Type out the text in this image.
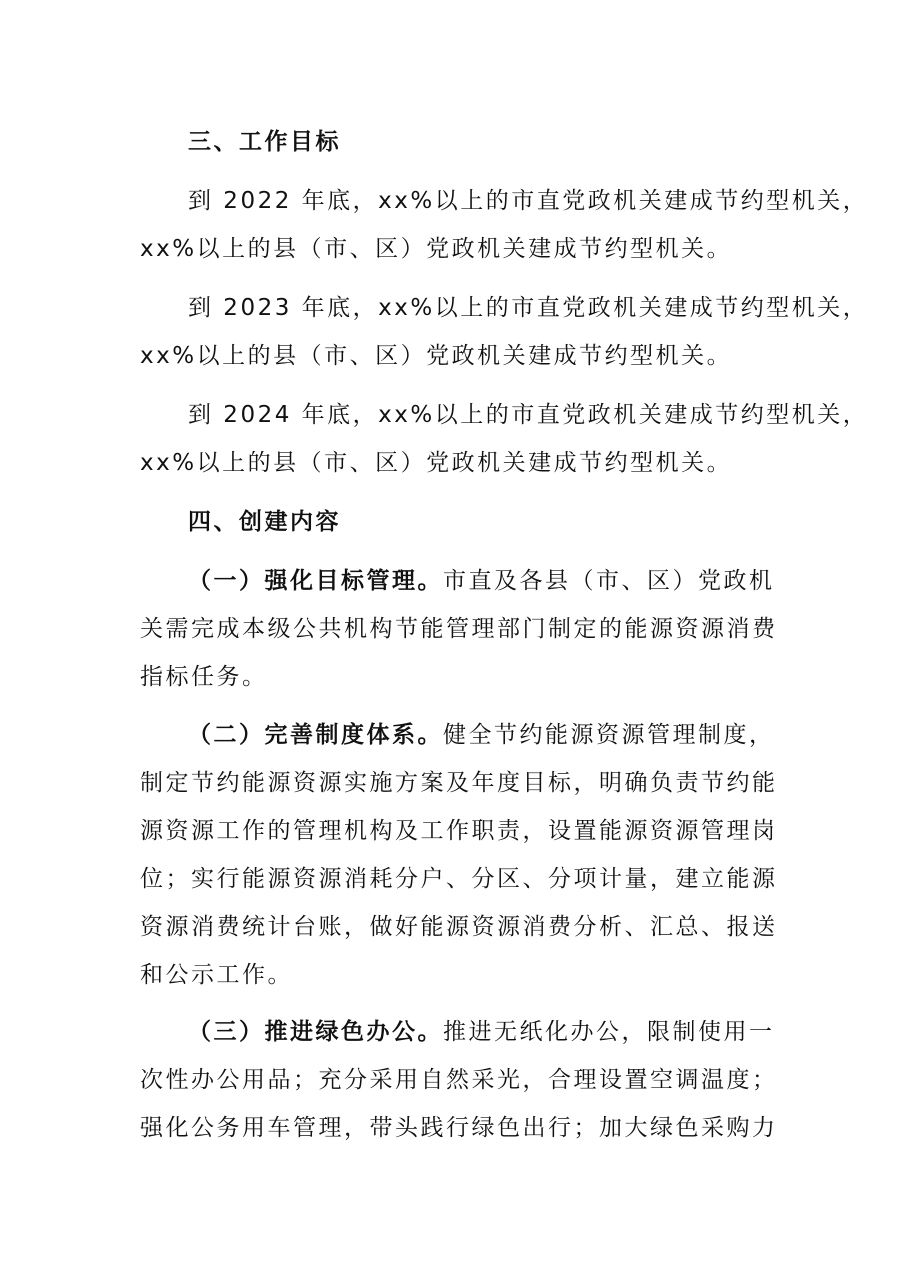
三、工作目标
到 2022 年底，xx%以上的市直党政机关建成节约型机关，
xx%以上的县（市、区）党政机关建成节约型机关。
到 2023 年底，xx%以上的市直党政机关建成节约型机关，
xx%以上的县（市、区）党政机关建成节约型机关。
到 2024 年底，xx%以上的市直党政机关建成节约型机关，
xx%以上的县（市、区）党政机关建成节约型机关。
四、创建内容
（一）强化目标管理。市直及各县（市、区）党政机
关需完成本级公共机构节能管理部门制定的能源资源消费
指标任务。
（二）完善制度体系。健全节约能源资源管理制度，
制定节约能源资源实施方案及年度目标，明确负责节约能
源资源工作的管理机构及工作职责，设置能源资源管理岗
位；实行能源资源消耗分户、分区、分项计量，建立能源
资源消费统计台账，做好能源资源消费分析、汇总、报送
和公示工作。
（三）推进绿色办公。推进无纸化办公，限制使用一
次性办公用品；充分采用自然采光，合理设置空调温度；
强化公务用车管理，带头践行绿色出行；加大绿色采购力
